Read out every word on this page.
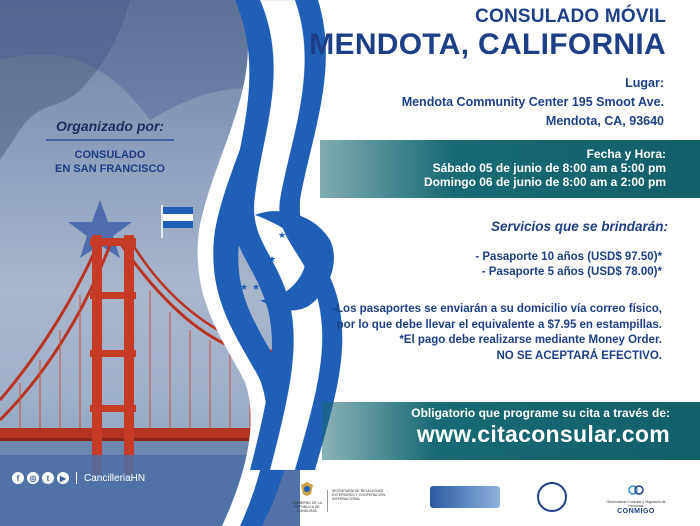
Organizado por:
CONSULADO
EN SAN FRANCISCO
f	◎	t	▶ CancilleriaHN
★ ★
★
★ ★
CONSULADO MÓVIL
MENDOTA, CALIFORNIA
Lugar:
Mendota Community Center 195 Smoot Ave.
Mendota, CA, 93640
Fecha y Hora:
Sábado 05 de junio de 8:00 am a 5:00 pm
Domingo 06 de junio de 8:00 am a 2:00 pm
Servicios que se brindarán:
- Pasaporte 10 años (USD$ 97.50)*
- Pasaporte 5 años (USD$ 78.00)*
-Los pasaportes se enviarán a su domicilio vía correo físico, por lo que debe llevar el equivalente a $7.95 en estampillas.
*El pago debe realizarse mediante Money Order.
NO SE ACEPTARÁ EFECTIVO.
Obligatorio que programe su cita a través de:
www.citaconsular.com
GOBIERNO DE LA REPÚBLICA DE HONDURAS
SECRETARÍA DE RELACIONES EXTERIORES Y COOPERACIÓN INTERNACIONAL
Observatorio Consular y Migratorio de Honduras
CONMIGO
